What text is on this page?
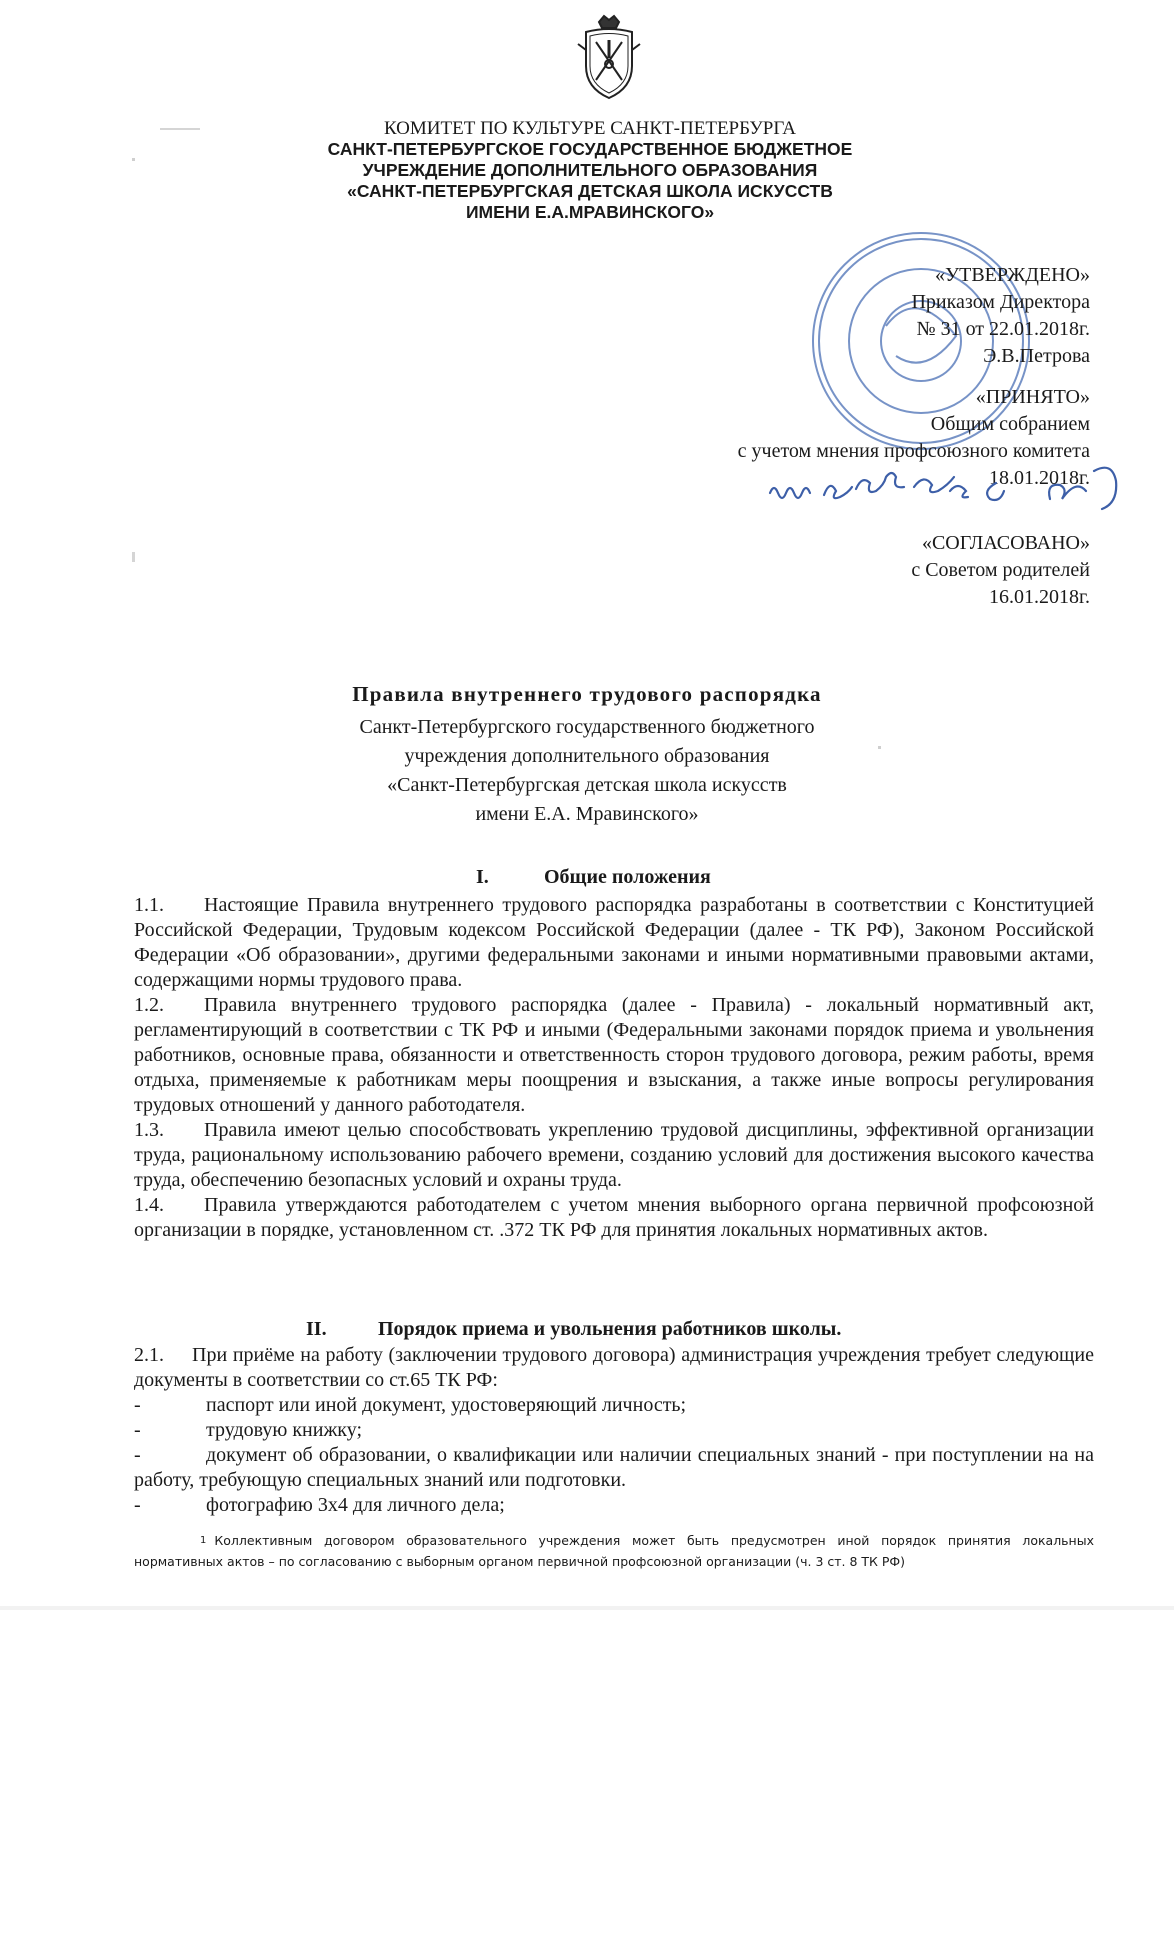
КОМИТЕТ ПО КУЛЬТУРЕ САНКТ-ПЕТЕРБУРГА
САНКТ-ПЕТЕРБУРГСКОЕ ГОСУДАРСТВЕННОЕ БЮДЖЕТНОЕ
УЧРЕЖДЕНИЕ ДОПОЛНИТЕЛЬНОГО ОБРАЗОВАНИЯ
«САНКТ-ПЕТЕРБУРГСКАЯ ДЕТСКАЯ ШКОЛА ИСКУССТВ
ИМЕНИ Е.А.МРАВИНСКОГО»
«УТВЕРЖДЕНО»
Приказом Директора
№ 31 от 22.01.2018г.
Э.В.Петрова
«ПРИНЯТО»
Общим собранием
с учетом мнения профсоюзного комитета
18.01.2018г.
«СОГЛАСОВАНО»
с Советом родителей
16.01.2018г.
Правила внутреннего трудового распорядка
Санкт-Петербургского государственного бюджетного
учреждения дополнительного образования
«Санкт-Петербургская детская школа искусств
имени Е.А. Мравинского»
I.	Общие положения

1.1. Настоящие Правила внутреннего трудового распорядка разработаны в соответствии с Конституцией Российской Федерации, Трудовым кодексом Российской Федерации (далее - ТК РФ), Законом Российской Федерации «Об образовании», другими федеральными законами и иными нормативными правовыми актами, содержащими нормы трудового права.

1.2. Правила внутреннего трудового распорядка (далее - Правила) - локальный нормативный акт, регламентирующий в соответствии с ТК РФ и иными (Федеральными законами порядок приема и увольнения работников, основные права, обязанности и ответственность сторон трудового договора, режим работы, время отдыха, применяемые к работникам меры поощрения и взыскания, а также иные вопросы регулирования трудовых отношений у данного работодателя.

1.3. Правила имеют целью способствовать укреплению трудовой дисциплины, эффективной организации труда, рациональному использованию рабочего времени, созданию условий для достижения высокого качества труда, обеспечению безопасных условий и охраны труда.

1.4. Правила утверждаются работодателем с учетом мнения выборного органа первичной профсоюзной организации в порядке, установленном ст. .372 ТК РФ для принятия локальных нормативных актов.

II.	Порядок приема и увольнения работников школы.

2.1. При приёме на работу (заключении трудового договора) администрация учреждения требует следующие документы в соответствии со ст.65 ТК РФ:

-	паспорт или иной документ, удостоверяющий личность;
-	трудовую книжку;

-	документ об образовании, о квалификации или наличии специальных знаний - при поступлении на на работу, требующую специальных знаний или подготовки.

-	фотографию 3х4 для личного дела;
1 Коллективным договором образовательного учреждения может быть предусмотрен иной порядок принятия локальных нормативных актов – по согласованию с выборным органом первичной профсоюзной организации (ч. 3 ст. 8 ТК РФ)
